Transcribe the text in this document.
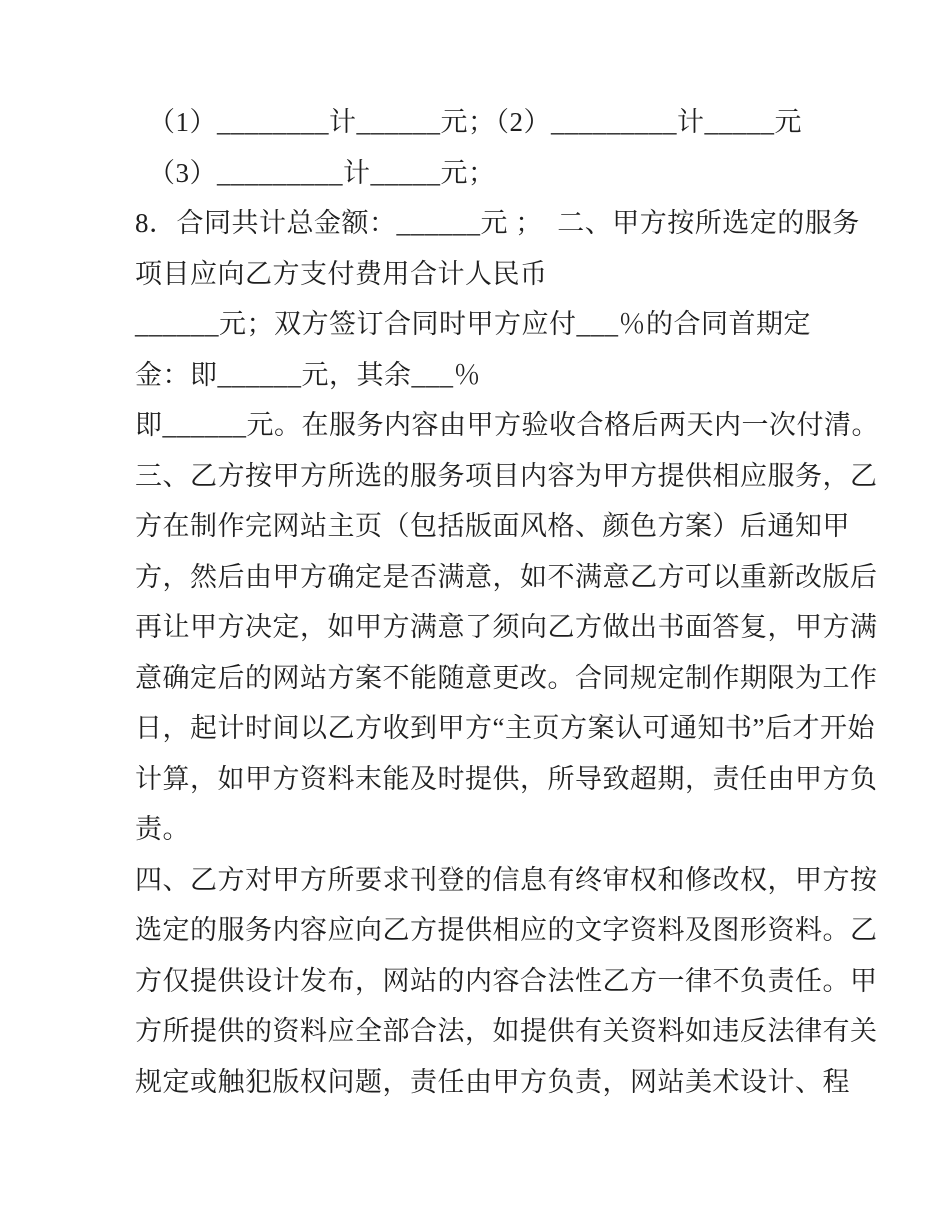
（1）________计______元；（2）_________计_____元
（3）_________计_____元；
8．合同共计总金额：______元 ；  二、甲方按所选定的服务
项目应向乙方支付费用合计人民币
______元；双方签订合同时甲方应付___％的合同首期定
金：即______元，其余___％
即______元。在服务内容由甲方验收合格后两天内一次付清。
三、乙方按甲方所选的服务项目内容为甲方提供相应服务，乙
方在制作完网站主页（包括版面风格、颜色方案）后通知甲
方，然后由甲方确定是否满意，如不满意乙方可以重新改版后
再让甲方决定，如甲方满意了须向乙方做出书面答复，甲方满
意确定后的网站方案不能随意更改。合同规定制作期限为工作
日，起计时间以乙方收到甲方“主页方案认可通知书”后才开始
计算，如甲方资料末能及时提供，所导致超期，责任由甲方负
责。
四、乙方对甲方所要求刊登的信息有终审权和修改权，甲方按
选定的服务内容应向乙方提供相应的文字资料及图形资料。乙
方仅提供设计发布，网站的内容合法性乙方一律不负责任。甲
方所提供的资料应全部合法，如提供有关资料如违反法律有关
规定或触犯版权问题，责任由甲方负责，网站美术设计、程
